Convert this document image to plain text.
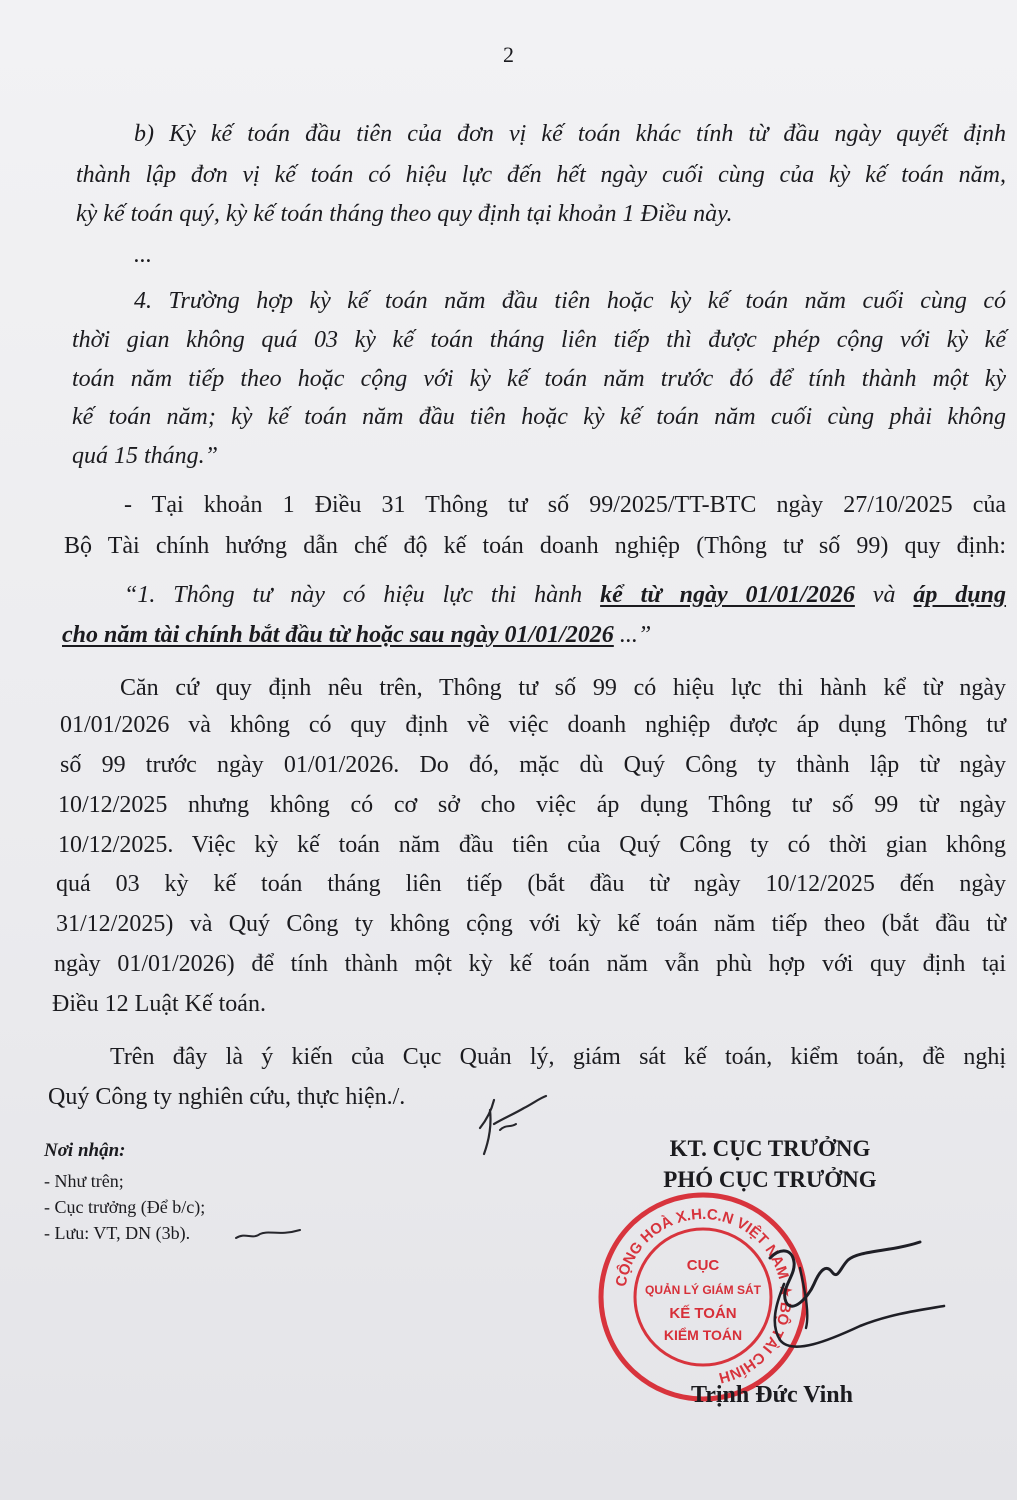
2
b) Kỳ kế toán đầu tiên của đơn vị kế toán khác tính từ đầu ngày quyết định
thành lập đơn vị kế toán có hiệu lực đến hết ngày cuối cùng của kỳ kế toán năm,
kỳ kế toán quý, kỳ kế toán tháng theo quy định tại khoản 1 Điều này.
...
4. Trường hợp kỳ kế toán năm đầu tiên hoặc kỳ kế toán năm cuối cùng có
thời gian không quá 03 kỳ kế toán tháng liên tiếp thì được phép cộng với kỳ kế
toán năm tiếp theo hoặc cộng với kỳ kế toán năm trước đó để tính thành một kỳ
kế toán năm; kỳ kế toán năm đầu tiên hoặc kỳ kế toán năm cuối cùng phải không
quá 15 tháng.”
- Tại khoản 1 Điều 31 Thông tư số 99/2025/TT-BTC ngày 27/10/2025 của
Bộ Tài chính hướng dẫn chế độ kế toán doanh nghiệp (Thông tư số 99) quy định:
“1. Thông tư này có hiệu lực thi hành kể từ ngày 01/01/2026 và áp dụng
cho năm tài chính bắt đầu từ hoặc sau ngày 01/01/2026 ...”
Căn cứ quy định nêu trên, Thông tư số 99 có hiệu lực thi hành kể từ ngày
01/01/2026 và không có quy định về việc doanh nghiệp được áp dụng Thông tư
số 99 trước ngày 01/01/2026. Do đó, mặc dù Quý Công ty thành lập từ ngày
10/12/2025 nhưng không có cơ sở cho việc áp dụng Thông tư số 99 từ ngày
10/12/2025. Việc kỳ kế toán năm đầu tiên của Quý Công ty có thời gian không
quá 03 kỳ kế toán tháng liên tiếp (bắt đầu từ ngày 10/12/2025 đến ngày
31/12/2025) và Quý Công ty không cộng với kỳ kế toán năm tiếp theo (bắt đầu từ
ngày 01/01/2026) để tính thành một kỳ kế toán năm vẫn phù hợp với quy định tại
Điều 12 Luật Kế toán.
Trên đây là ý kiến của Cục Quản lý, giám sát kế toán, kiểm toán, đề nghị
Quý Công ty nghiên cứu, thực hiện./.
Nơi nhận:
- Như trên;
- Cục trưởng (Để b/c);
- Lưu: VT, DN (3b).
KT. CỤC TRƯỞNG
PHÓ CỤC TRƯỞNG
CỘNG HOÀ X.H.C.N VIỆT NAM ★ BỘ TÀI CHÍNH
CỤC
QUẢN LÝ GIÁM SÁT
KẾ TOÁN
KIỂM TOÁN
Trịnh Đức Vinh
